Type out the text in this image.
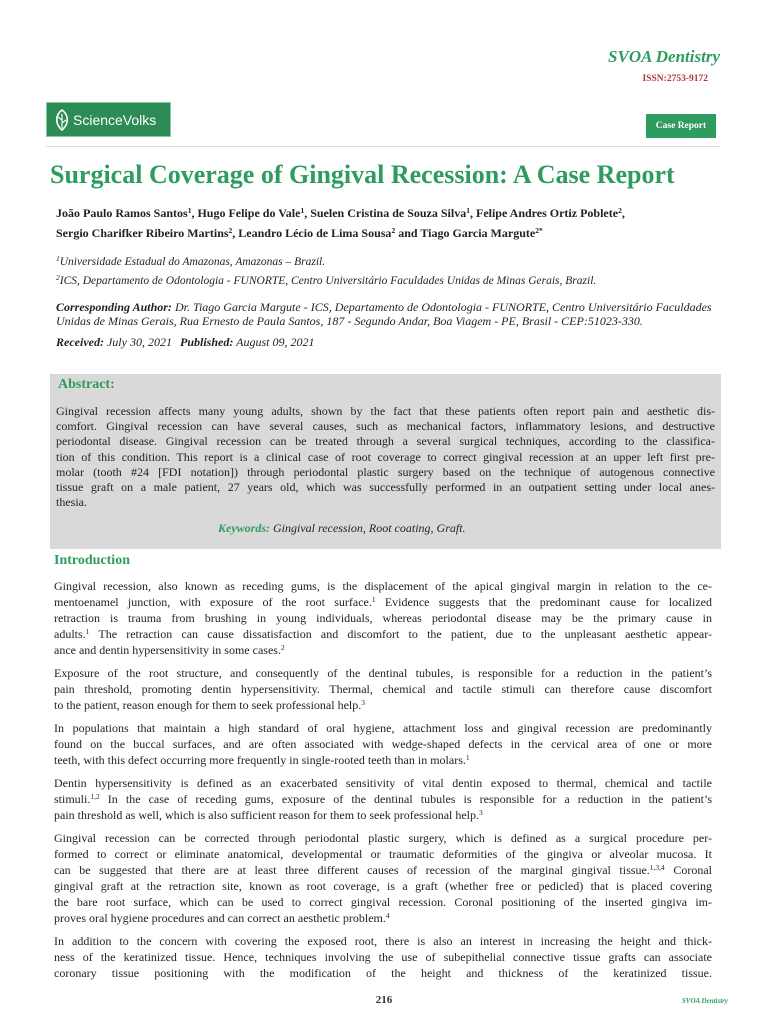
SVOA Dentistry
ISSN:2753-9172
ScienceVolks	Case Report
Surgical Coverage of Gingival Recession: A Case Report
João Paulo Ramos Santos$^1$, Hugo Felipe do Vale$^1$, Suelen Cristina de Souza Silva$^1$, Felipe Andres Ortiz Poblete$^2$,
Sergio Charifker Ribeiro Martins$^2$, Leandro Lécio de Lima Sousa$^2$ and Tiago Garcia Margute$^{2*}$
$^1$Universidade Estadual do Amazonas, Amazonas – Brazil.
$^2$ICS, Departamento de Odontologia - FUNORTE, Centro Universitário Faculdades Unidas de Minas Gerais, Brazil.
Corresponding Author: Dr. Tiago Garcia Margute - ICS, Departamento de Odontologia - FUNORTE, Centro Universitário Faculdades
Unidas de Minas Gerais, Rua Ernesto de Paula Santos, 187 - Segundo Andar, Boa Viagem - PE, Brasil - CEP:51023-330.
Received: July 30, 2021 Published: August 09, 2021
Abstract:
Gingival recession affects many young adults, shown by the fact that these patients often report pain and aesthetic dis-
comfort. Gingival recession can have several causes, such as mechanical factors, inflammatory lesions, and destructive
periodontal disease. Gingival recession can be treated through a several surgical techniques, according to the classifica-
tion of this condition. This report is a clinical case of root coverage to correct gingival recession at an upper left first pre-
molar (tooth #24 [FDI notation]) through periodontal plastic surgery based on the technique of autogenous connective
tissue graft on a male patient, 27 years old, which was successfully performed in an outpatient setting under local anes-
thesia.
Keywords: Gingival recession, Root coating, Graft.
Introduction
Gingival recession, also known as receding gums, is the displacement of the apical gingival margin in relation to the ce-
mentoenamel junction, with exposure of the root surface.$^1$ Evidence suggests that the predominant cause for localized
retraction is trauma from brushing in young individuals, whereas periodontal disease may be the primary cause in
adults.$^1$ The retraction can cause dissatisfaction and discomfort to the patient, due to the unpleasant aesthetic appear-
ance and dentin hypersensitivity in some cases.$^2$
Exposure of the root structure, and consequently of the dentinal tubules, is responsible for a reduction in the patient’s
pain threshold, promoting dentin hypersensitivity. Thermal, chemical and tactile stimuli can therefore cause discomfort
to the patient, reason enough for them to seek professional help.$^3$
In populations that maintain a high standard of oral hygiene, attachment loss and gingival recession are predominantly
found on the buccal surfaces, and are often associated with wedge-shaped defects in the cervical area of one or more
teeth, with this defect occurring more frequently in single-rooted teeth than in molars.$^1$
Dentin hypersensitivity is defined as an exacerbated sensitivity of vital dentin exposed to thermal, chemical and tactile
stimuli.$^{1,2}$ In the case of receding gums, exposure of the dentinal tubules is responsible for a reduction in the patient’s
pain threshold as well, which is also sufficient reason for them to seek professional help.$^3$
Gingival recession can be corrected through periodontal plastic surgery, which is defined as a surgical procedure per-
formed to correct or eliminate anatomical, developmental or traumatic deformities of the gingiva or alveolar mucosa. It
can be suggested that there are at least three different causes of recession of the marginal gingival tissue.$^{1,3,4}$ Coronal
gingival graft at the retraction site, known as root coverage, is a graft (whether free or pedicled) that is placed covering
the bare root surface, which can be used to correct gingival recession. Coronal positioning of the inserted gingiva im-
proves oral hygiene procedures and can correct an aesthetic problem.$^4$
In addition to the concern with covering the exposed root, there is also an interest in increasing the height and thick-
ness of the keratinized tissue. Hence, techniques involving the use of subepithelial connective tissue grafts can associate
coronary tissue positioning with the modification of the height and thickness of the keratinized tissue.
216	SVOA Dentistry
